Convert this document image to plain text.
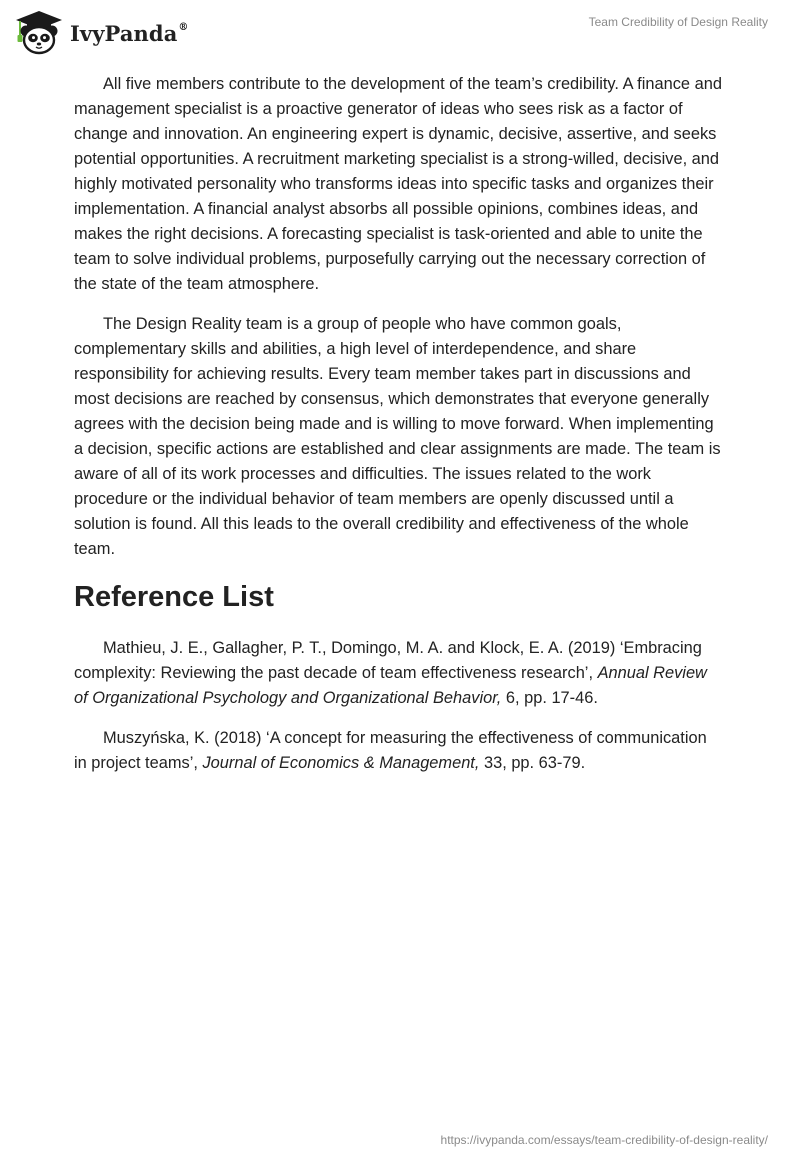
IvyPanda®	Team Credibility of Design Reality

All five members contribute to the development of the team’s credibility. A finance and management specialist is a proactive generator of ideas who sees risk as a factor of change and innovation. An engineering expert is dynamic, decisive, assertive, and seeks potential opportunities. A recruitment marketing specialist is a strong-willed, decisive, and highly motivated personality who transforms ideas into specific tasks and organizes their implementation. A financial analyst absorbs all possible opinions, combines ideas, and makes the right decisions. A forecasting specialist is task-oriented and able to unite the team to solve individual problems, purposefully carrying out the necessary correction of the state of the team atmosphere.

The Design Reality team is a group of people who have common goals, complementary skills and abilities, a high level of interdependence, and share responsibility for achieving results. Every team member takes part in discussions and most decisions are reached by consensus, which demonstrates that everyone generally agrees with the decision being made and is willing to move forward. When implementing a decision, specific actions are established and clear assignments are made. The team is aware of all of its work processes and difficulties. The issues related to the work procedure or the individual behavior of team members are openly discussed until a solution is found. All this leads to the overall credibility and effectiveness of the whole team.

Reference List

Mathieu, J. E., Gallagher, P. T., Domingo, M. A. and Klock, E. A. (2019) ‘Embracing complexity: Reviewing the past decade of team effectiveness research’, Annual Review of Organizational Psychology and Organizational Behavior, 6, pp. 17-46.

Muszyńska, K. (2018) ‘A concept for measuring the effectiveness of communication in project teams’, Journal of Economics & Management, 33, pp. 63-79.

https://ivypanda.com/essays/team-credibility-of-design-reality/
